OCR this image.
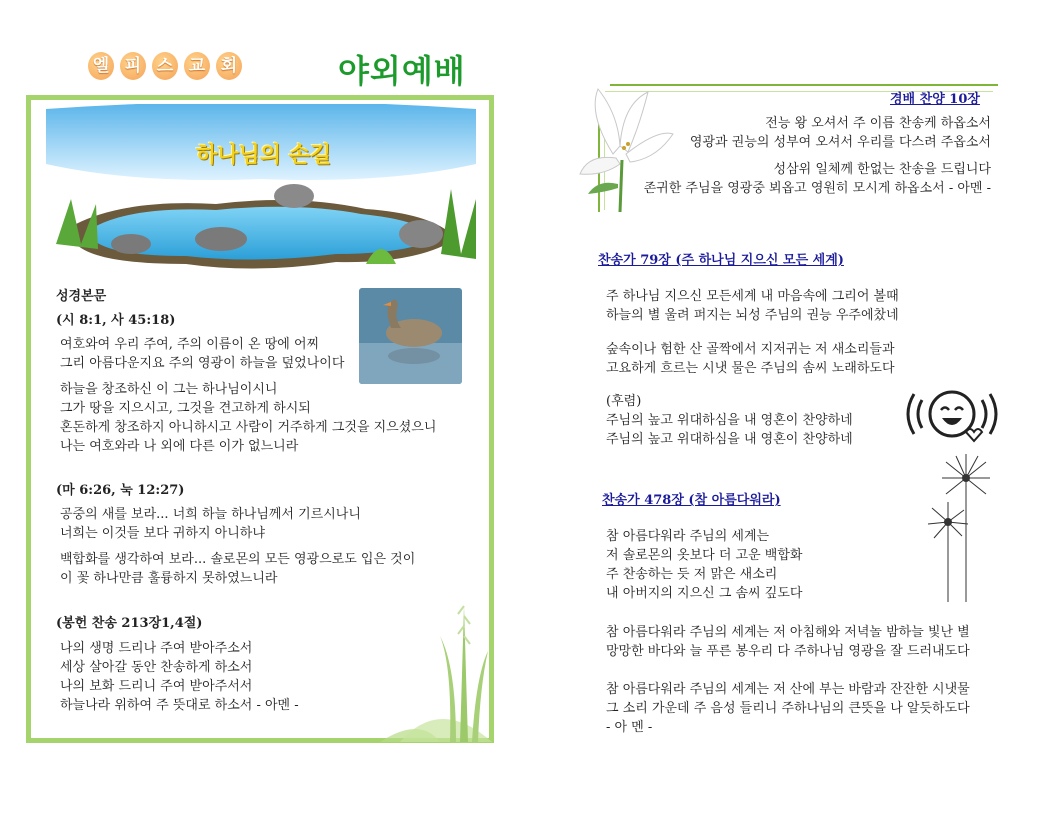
엘 피 스 교 회	야외예배
하나님의 손길
성경본문
(시 8:1, 사 45:18)

여호와여 우리 주여, 주의 이름이 온 땅에 어찌

그리 아름다운지요 주의 영광이 하늘을 덮었나이다

하늘을 창조하신 이 그는 하나님이시니

그가 땅을 지으시고, 그것을 견고하게 하시되

혼돈하게 창조하지 아니하시고 사람이 거주하게 그것을 지으셨으니

나는 여호와라 나 외에 다른 이가 없느니라

(마 6:26, 눅 12:27)

공중의 새를 보라... 너희 하늘 하나님께서 기르시나니

너희는 이것들 보다 귀하지 아니하냐

백합화를 생각하여 보라... 솔로몬의 모든 영광으로도 입은 것이

이 꽃 하나만큼 훌륭하지 못하였느니라

(봉헌 찬송 213장1,4절)

나의 생명 드리나 주여 받아주소서

세상 살아갈 동안 찬송하게 하소서

나의 보화 드리니 주여 받아주서서

하늘나라 위하여 주 뜻대로 하소서 - 아멘 -

경배 찬양 10장

전능 왕 오셔서 주 이름 찬송케 하옵소서

영광과 권능의 성부여 오셔서 우리를 다스려 주옵소서

성삼위 일체께 한없는 찬송을 드립니다

존귀한 주님을 영광중 뵈옵고 영원히 모시게 하옵소서 - 아멘 -

찬송가 79장 (주 하나님 지으신 모든 세계)

주 하나님 지으신 모든세계 내 마음속에 그리어 볼때

하늘의 별 울려 퍼지는 뇌성 주님의 권능 우주에찼네

숲속이나 험한 산 골짝에서 지저귀는 저 새소리들과

고요하게 흐르는 시냇 물은 주님의 솜씨 노래하도다

(후렴)

주님의 높고 위대하심을 내 영혼이 찬양하네

주님의 높고 위대하심을 내 영혼이 찬양하네

찬송가 478장 (참 아름다워라)

참 아름다워라 주님의 세계는

저 솔로몬의 옷보다 더 고운 백합화

주 찬송하는 듯 저 맑은 새소리

내 아버지의 지으신 그 솜씨 깊도다

참 아름다워라 주님의 세계는 저 아침해와 저녁놀 밤하늘 빛난 별

망망한 바다와 늘 푸른 봉우리 다 주하나님 영광을 잘 드러내도다

참 아름다워라 주님의 세계는 저 산에 부는 바람과 잔잔한 시냇물

그 소리 가운데 주 음성 들리니 주하나님의 큰뜻을 나 알듯하도다

- 아 멘 -
